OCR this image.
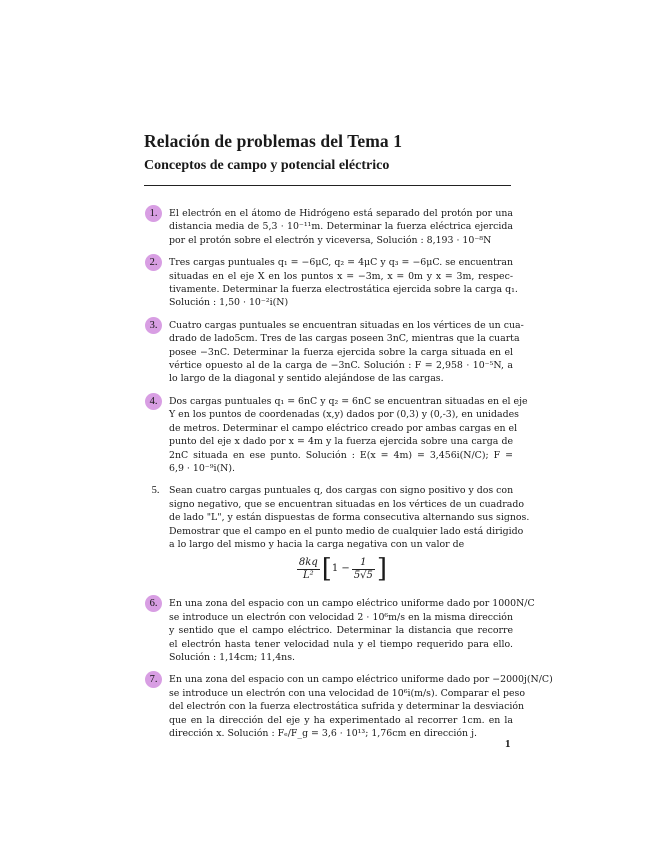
Relación de problemas del Tema 1
Conceptos de campo y potencial eléctrico
1.	El electrón en el átomo de Hidrógeno está separado del protón por una
distancia media de 5,3 · 10⁻¹¹m. Determinar la fuerza eléctrica ejercida
por el protón sobre el electrón y viceversa, Solución : 8,193 · 10⁻⁸N
2.	Tres cargas puntuales q₁ = −6μC, q₂ = 4μC y q₃ = −6μC. se encuentran
situadas en el eje X en los puntos x = −3m, x = 0m y x = 3m, respec-
tivamente. Determinar la fuerza electrostática ejercida sobre la carga q₁.
Solución : 1,50 · 10⁻²i(N)
3.	Cuatro cargas puntuales se encuentran situadas en los vértices de un cua-
drado de lado5cm. Tres de las cargas poseen 3nC, mientras que la cuarta
posee −3nC. Determinar la fuerza ejercida sobre la carga situada en el
vértice opuesto al de la carga de −3nC. Solución : F = 2,958 · 10⁻⁵N, a
lo largo de la diagonal y sentido alejándose de las cargas.
4.	Dos cargas puntuales q₁ = 6nC y q₂ = 6nC se encuentran situadas en el eje
Y en los puntos de coordenadas (x,y) dados por (0,3) y (0,-3), en unidades
de metros. Determinar el campo eléctrico creado por ambas cargas en el
punto del eje x dado por x = 4m y la fuerza ejercida sobre una carga de
2nC situada en ese punto. Solución : E(x = 4m) = 3,456i(N/C); F =
6,9 · 10⁻⁹i(N).
5.	Sean cuatro cargas puntuales q, dos cargas con signo positivo y dos con
signo negativo, que se encuentran situadas en los vértices de un cuadrado
de lado "L", y están dispuestas de forma consecutiva alternando sus signos.
Demostrar que el campo en el punto medio de cualquier lado está dirigido
a lo largo del mismo y hacia la carga negativa con un valor de
$\frac{8kq}{\text{L²}} [1 - \frac{1}{5√5}$ ]
6.	En una zona del espacio con un campo eléctrico uniforme dado por 1000N/C
se introduce un electrón con velocidad 2 · 10⁶m/s en la misma dirección
y sentido que el campo eléctrico. Determinar la distancia que recorre
el electrón hasta tener velocidad nula y el tiempo requerido para ello.
Solución : 1,14cm; 11,4ns.
7.	En una zona del espacio con un campo eléctrico uniforme dado por −2000j(N/C)
se introduce un electrón con una velocidad de 10⁶i(m/s). Comparar el peso
del electrón con la fuerza electrostática sufrida y determinar la desviación
que en la dirección del eje y ha experimentado al recorrer 1cm. en la
dirección x. Solución : Fₑ/F_g = 3,6 · 10¹³; 1,76cm en dirección j.
1
